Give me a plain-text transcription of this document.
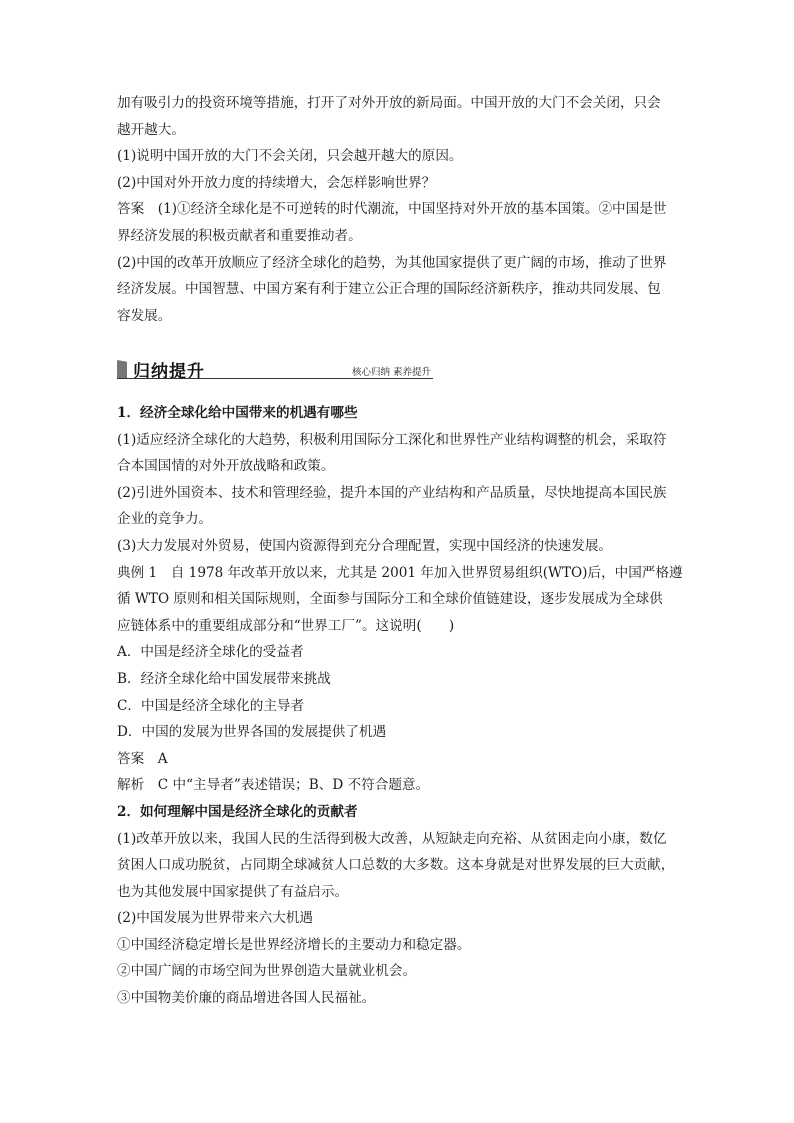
加有吸引力的投资环境等措施，打开了对外开放的新局面。中国开放的大门不会关闭，只会

越开越大。

(1)说明中国开放的大门不会关闭，只会越开越大的原因。

(2)中国对外开放力度的持续增大，会怎样影响世界？

答案　(1)①经济全球化是不可逆转的时代潮流，中国坚持对外开放的基本国策。②中国是世

界经济发展的积极贡献者和重要推动者。

(2)中国的改革开放顺应了经济全球化的趋势，为其他国家提供了更广阔的市场，推动了世界

经济发展。中国智慧、中国方案有利于建立公正合理的国际经济新秩序，推动共同发展、包

容发展。

归纳提升	核心归纳 素养提升

1．经济全球化给中国带来的机遇有哪些

(1)适应经济全球化的大趋势，积极利用国际分工深化和世界性产业结构调整的机会，采取符

合本国国情的对外开放战略和政策。

(2)引进外国资本、技术和管理经验，提升本国的产业结构和产品质量，尽快地提高本国民族

企业的竞争力。

(3)大力发展对外贸易，使国内资源得到充分合理配置，实现中国经济的快速发展。

典例 1　自 1978 年改革开放以来，尤其是 2001 年加入世界贸易组织(WTO)后，中国严格遵

循 WTO 原则和相关国际规则，全面参与国际分工和全球价值链建设，逐步发展成为全球供

应链体系中的重要组成部分和“世界工厂”。这说明(　　)

A．中国是经济全球化的受益者

B．经济全球化给中国发展带来挑战

C．中国是经济全球化的主导者

D．中国的发展为世界各国的发展提供了机遇

答案　A

解析　C 中“主导者”表述错误；B、D 不符合题意。

2．如何理解中国是经济全球化的贡献者

(1)改革开放以来，我国人民的生活得到极大改善，从短缺走向充裕、从贫困走向小康，数亿

贫困人口成功脱贫，占同期全球减贫人口总数的大多数。这本身就是对世界发展的巨大贡献，

也为其他发展中国家提供了有益启示。

(2)中国发展为世界带来六大机遇

①中国经济稳定增长是世界经济增长的主要动力和稳定器。

②中国广阔的市场空间为世界创造大量就业机会。

③中国物美价廉的商品增进各国人民福祉。
